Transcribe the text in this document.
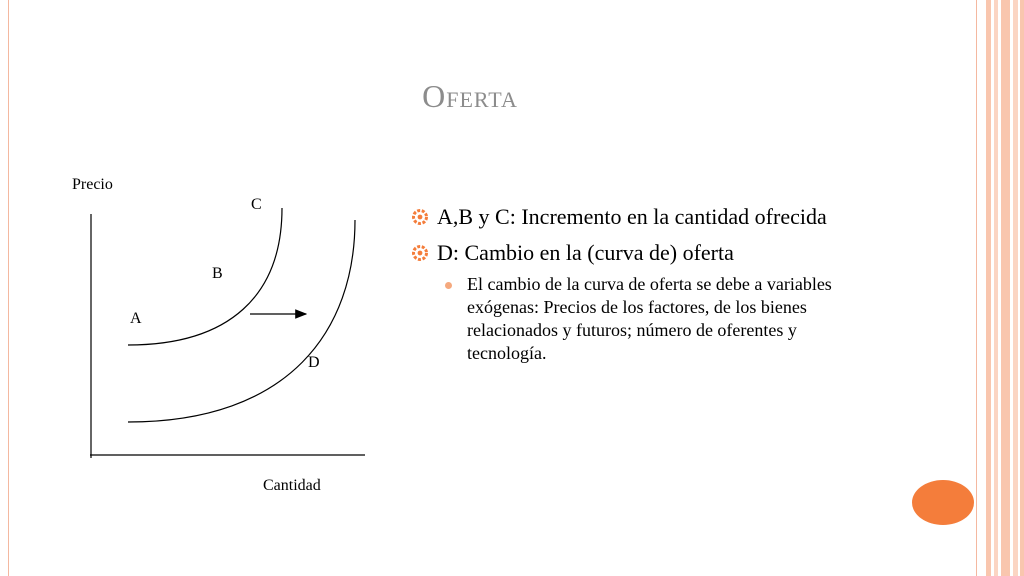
Oferta
Precio
Cantidad
A
B
C
D
A,B y C: Incremento en la cantidad ofrecida
D: Cambio en la (curva de) oferta
El cambio de la curva de oferta se debe a variables exógenas: Precios de los factores, de los bienes relacionados y futuros; número de oferentes y tecnología.
